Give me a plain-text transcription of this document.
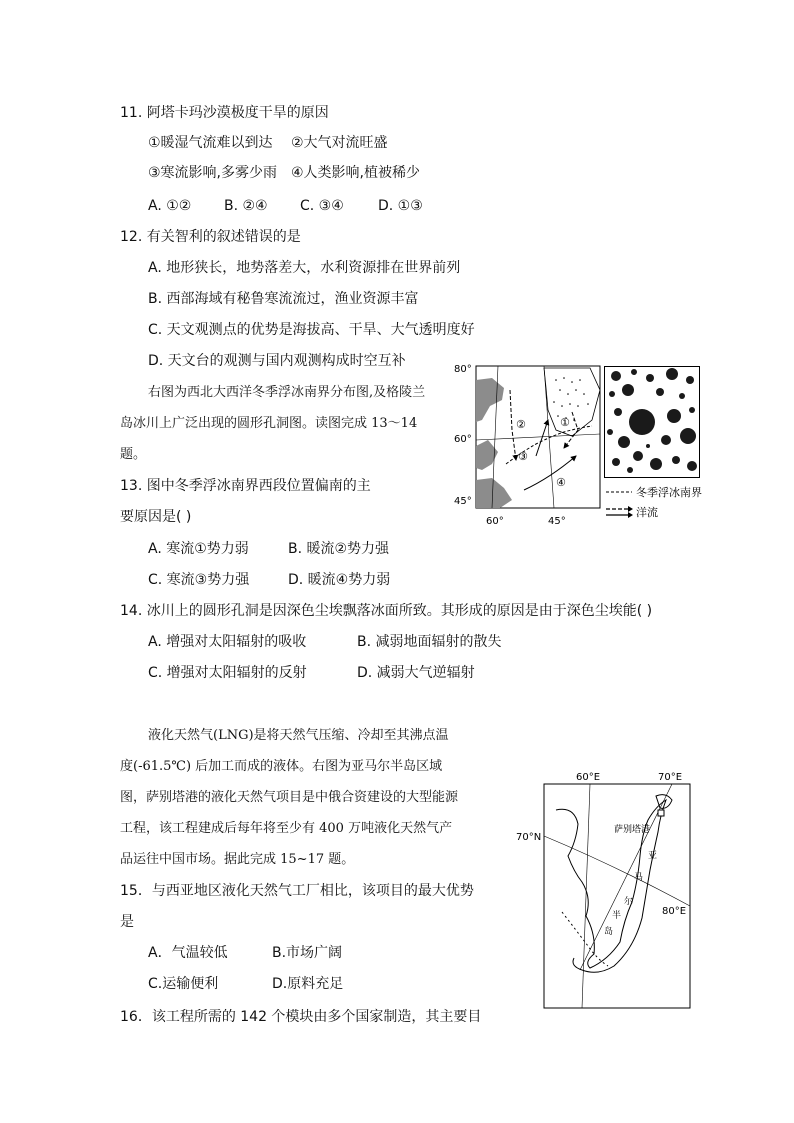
11. 阿塔卡玛沙漠极度干旱的原因
①暖湿气流难以到达 ②大气对流旺盛
③寒流影响,多雾少雨 ④人类影响,植被稀少
A. ①② B. ②④ C. ③④ D. ①③
12. 有关智利的叙述错误的是
A. 地形狭长，地势落差大，水利资源排在世界前列
B. 西部海域有秘鲁寒流流过，渔业资源丰富
C. 天文观测点的优势是海拔高、干旱、大气透明度好
D. 天文台的观测与国内观测构成时空互补
右图为西北大西洋冬季浮冰南界分布图,及格陵兰
岛冰川上广泛出现的圆形孔洞图。读图完成 13～14
题。
13. 图中冬季浮冰南界西段位置偏南的主
要原因是( )
A. 寒流①势力弱	B. 暖流②势力强
C. 寒流③势力强	D. 暖流④势力弱
14. 冰川上的圆形孔洞是因深色尘埃飘落冰面所致。其形成的原因是由于深色尘埃能( )
A. 增强对太阳辐射的吸收	B. 减弱地面辐射的散失
C. 增强对太阳辐射的反射	D. 减弱大气逆辐射
液化天然气(LNG)是将天然气压缩、冷却至其沸点温
度(-61.5℃) 后加工而成的液体。右图为亚马尔半岛区域
图，萨别塔港的液化天然气项目是中俄合资建设的大型能源
工程，该工程建成后每年将至少有 400 万吨液化天然气产
品运往中国市场。据此完成 15~17 题。
15．与西亚地区液化天然气工厂相比，该项目的最大优势
是
A．气温较低	B.市场广阔
C.运输便利	D.原料充足
16．该工程所需的 142 个模块由多个国家制造，其主要目
②	①
③
④
80°
60°
45°
60°	45°
冬季浮冰南界
洋流
萨别塔港
亚
马
尔
半
岛
60°E	70°E
70°N
80°E
